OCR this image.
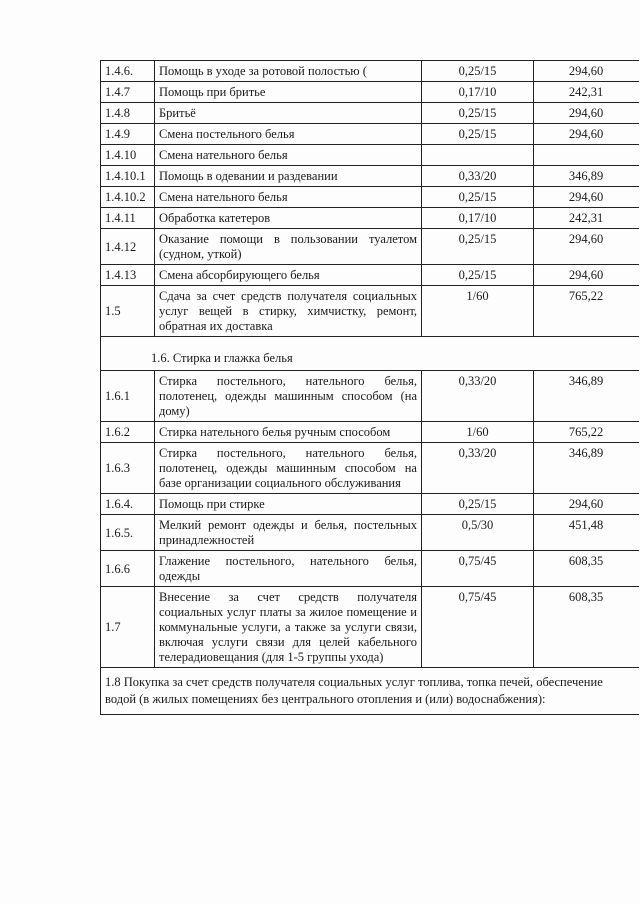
1.4.6.	Помощь в уходе за ротовой полостью (	0,25/15	294,60
1.4.7	Помощь при бритье	0,17/10	242,31
1.4.8	Бритьё	0,25/15	294,60
1.4.9	Смена постельного белья	0,25/15	294,60
1.4.10	Смена нательного белья		
1.4.10.1	Помощь в одевании и раздевании	0,33/20	346,89
1.4.10.2	Смена нательного белья	0,25/15	294,60
1.4.11	Обработка катетеров	0,17/10	242,31
1.4.12	Оказание помощи в пользовании туалетом (судном, уткой)	0,25/15	294,60
1.4.13	Смена абсорбирующего белья	0,25/15	294,60
1.5	Сдача за счет средств получателя социальных услуг вещей в стирку, химчистку, ремонт, обратная их доставка	1/60	765,22
1.6. Стирка и глажка белья			
1.6.1	Стирка постельного, нательного белья, полотенец, одежды машинным способом (на дому)	0,33/20	346,89
1.6.2	Стирка нательного белья ручным способом	1/60	765,22
1.6.3	Стирка постельного, нательного белья, полотенец, одежды машинным способом на базе организации социального обслуживания	0,33/20	346,89
1.6.4.	Помощь при стирке	0,25/15	294,60
1.6.5.	Мелкий ремонт одежды и белья, постельных принадлежностей	0,5/30	451,48
1.6.6	Глажение постельного, нательного белья, одежды	0,75/45	608,35
1.7	Внесение за счет средств получателя социальных услуг платы за жилое помещение и коммунальные услуги, а также за услуги связи, включая услуги связи для целей кабельного телерадиовещания (для 1-5 группы ухода)	0,75/45	608,35

1.8 Покупка за счет средств получателя социальных услуг топлива, топка печей, обеспечение
водой (в жилых помещениях без центрального отопления и (или) водоснабжения):			
